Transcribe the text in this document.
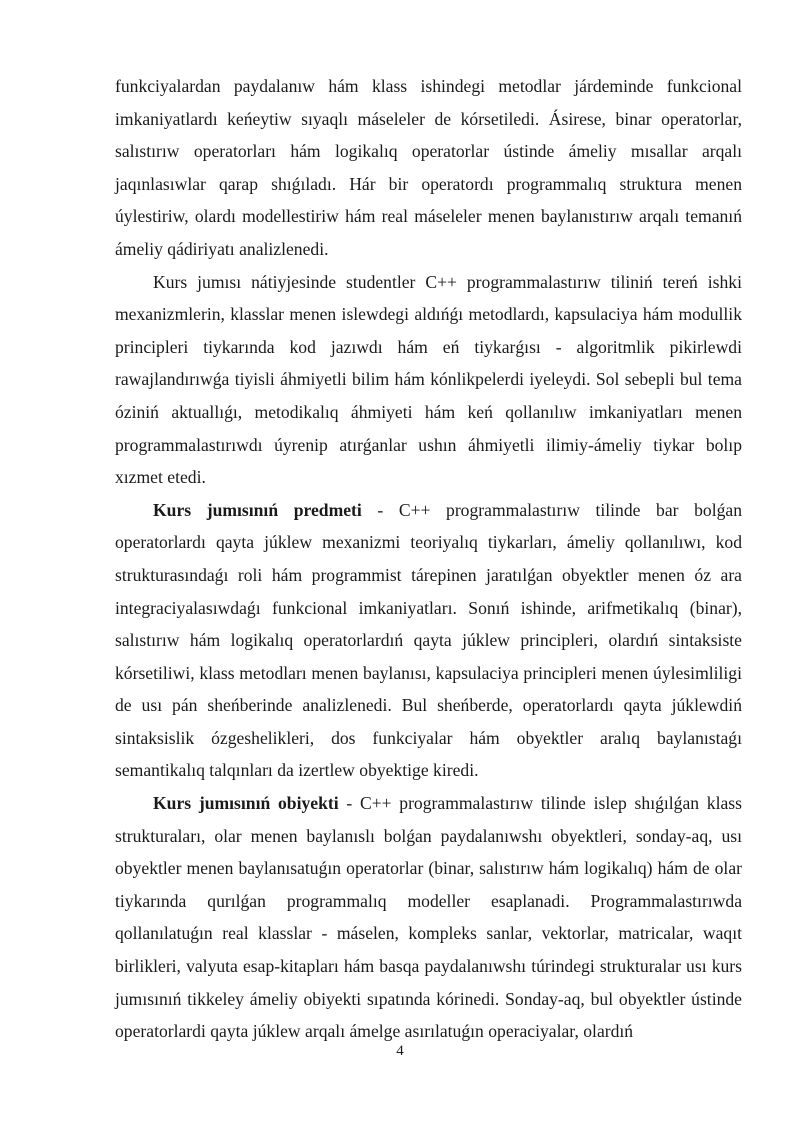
funkciyalardan paydalanıw hám klass ishindegi metodlar járdeminde funkcional imkaniyatlardı keńeytiw sıyaqlı máseleler de kórsetiledi. Ásirese, binar operatorlar, salıstırıw operatorları hám logikalıq operatorlar ústinde ámeliy mısallar arqalı jaqınlasıwlar qarap shıǵıladı. Hár bir operatordı programmalıq struktura menen úylestiriw, olardı modellestiriw hám real máseleler menen baylanıstırıw arqalı temanıń ámeliy qádiriyatı analizlenedi.

Kurs jumısı nátiyjesinde studentler C++ programmalastırıw tiliniń tereń ishki mexanizmlerin, klasslar menen islewdegi aldıńǵı metodlardı, kapsulaciya hám modullik principleri tiykarında kod jazıwdı hám eń tiykarǵısı - algoritmlik pikirlewdi rawajlandırıwǵa tiyisli áhmiyetli bilim hám kónlikpelerdi iyeleydi. Sol sebepli bul tema óziniń aktuallıǵı, metodikalıq áhmiyeti hám keń qollanılıw imkaniyatları menen programmalastırıwdı úyrenip atırǵanlar ushın áhmiyetli ilimiy-ámeliy tiykar bolıp xızmet etedi.

Kurs jumısınıń predmeti - C++ programmalastırıw tilinde bar bolǵan operatorlardı qayta júklew mexanizmi teoriyalıq tiykarları, ámeliy qollanılıwı, kod strukturasındaǵı roli hám programmist tárepinen jaratılǵan obyektler menen óz ara integraciyalasıwdaǵı funkcional imkaniyatları. Sonıń ishinde, arifmetikalıq (binar), salıstırıw hám logikalıq operatorlardıń qayta júklew principleri, olardıń sintaksiste kórsetiliwi, klass metodları menen baylanısı, kapsulaciya principleri menen úylesimliligi de usı pán sheńberinde analizlenedi. Bul sheńberde, operatorlardı qayta júklewdiń sintaksislik ózgeshelikleri, dos funkciyalar hám obyektler aralıq baylanıstaǵı semantikalıq talqınları da izertlew obyektige kiredi.

Kurs jumısınıń obiyekti - C++ programmalastırıw tilinde islep shıǵılǵan klass strukturaları, olar menen baylanıslı bolǵan paydalanıwshı obyektleri, sonday-aq, usı obyektler menen baylanısatuǵın operatorlar (binar, salıstırıw hám logikalıq) hám de olar tiykarında qurılǵan programmalıq modeller esaplanadi. Programmalastırıwda qollanılatuǵın real klasslar - máselen, kompleks sanlar, vektorlar, matricalar, waqıt birlikleri, valyuta esap-kitapları hám basqa paydalanıwshı túrindegi strukturalar usı kurs jumısınıń tikkeley ámeliy obiyekti sıpatında kórinedi. Sonday-aq, bul obyektler ústinde operatorlardi qayta júklew arqalı ámelge asırılatuǵın operaciyalar, olardıń

4
